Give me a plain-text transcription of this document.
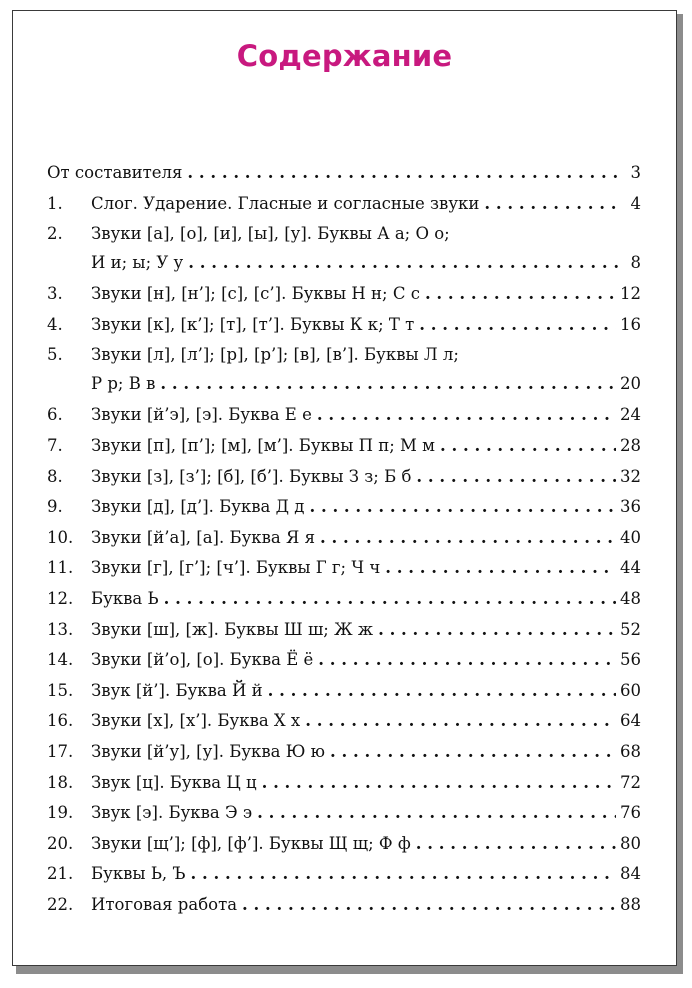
Содержание
От составителя . . .	3
1.	Слог. Ударение. Гласные и согласные звуки . . .	4
2.	Звуки [а], [о], [и], [ы], [у]. Буквы А а; О о;
И и; ы; У у . . .	8
3.	Звуки [н], [н’]; [с], [с’]. Буквы Н н; С с . . .	12
4.	Звуки [к], [к’]; [т], [т’]. Буквы К к; Т т . . .	16
5.	Звуки [л], [л’]; [р], [р’]; [в], [в’]. Буквы Л л;
Р р; В в . . .	20
6.	Звуки [й’э], [э]. Буква Е е . . .	24
7.	Звуки [п], [п’]; [м], [м’]. Буквы П п; М м . . .	28
8.	Звуки [з], [з’]; [б], [б’]. Буквы З з; Б б . . .	32
9.	Звуки [д], [д’]. Буква Д д . . .	36
10.	Звуки [й’а], [а]. Буква Я я . . .	40
11.	Звуки [г], [г’]; [ч’]. Буквы Г г; Ч ч . . .	44
12.	Буква Ь . . .	48
13.	Звуки [ш], [ж]. Буквы Ш ш; Ж ж . . .	52
14.	Звуки [й’о], [о]. Буква Ё ё . . .	56
15.	Звук [й’]. Буква Й й . . .	60
16.	Звуки [х], [х’]. Буква Х х . . .	64
17.	Звуки [й’у], [у]. Буква Ю ю . . .	68
18.	Звук [ц]. Буква Ц ц . . .	72
19.	Звук [э]. Буква Э э . . .	76
20.	Звуки [щ’]; [ф], [ф’]. Буквы Щ щ; Ф ф . . .	80
21.	Буквы Ь, Ъ . . .	84
22.	Итоговая работа . . .	88
